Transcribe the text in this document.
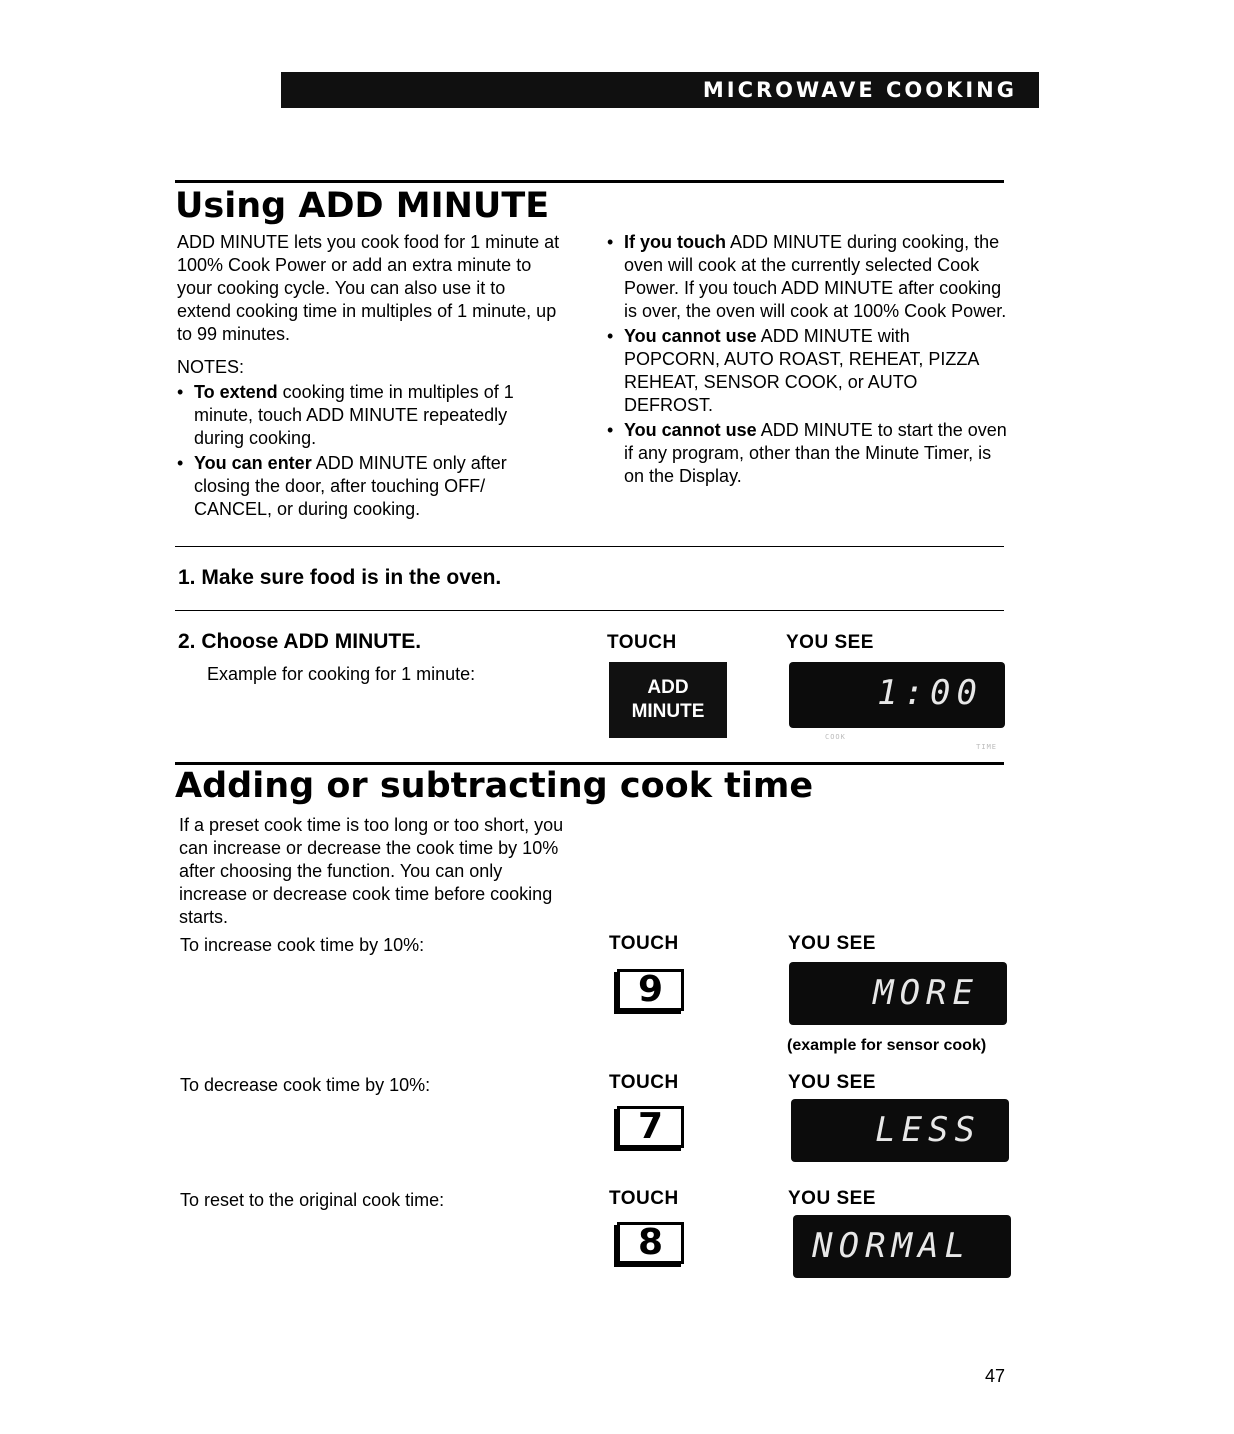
MICROWAVE COOKING
Using ADD MINUTE

ADD MINUTE lets you cook food for 1 minute at 100% Cook Power or add an extra minute to your cooking cycle. You can also use it to extend cooking time in multiples of 1 minute, up to 99 minutes.

NOTES:

• To extend cooking time in multiples of 1 minute, touch ADD MINUTE repeatedly during cooking.
• You can enter ADD MINUTE only after closing the door, after touching OFF/ CANCEL, or during cooking.
• If you touch ADD MINUTE during cooking, the oven will cook at the currently selected Cook Power. If you touch ADD MINUTE after cooking is over, the oven will cook at 100% Cook Power.
• You cannot use ADD MINUTE with POPCORN, AUTO ROAST, REHEAT, PIZZA REHEAT, SENSOR COOK, or AUTO DEFROST.
• You cannot use ADD MINUTE to start the oven if any program, other than the Minute Timer, is on the Display.
1. Make sure food is in the oven.
2. Choose ADD MINUTE.
Example for cooking for 1 minute:
TOUCH	YOU SEE
ADD
MINUTE	1:00
COOK
TIME
Adding or subtracting cook time
If a preset cook time is too long or too short, you can increase or decrease the cook time by 10% after choosing the function. You can only increase or decrease cook time before cooking starts.
To increase cook time by 10%:	TOUCH	YOU SEE
9	MORE
(example for sensor cook)
To decrease cook time by 10%:	TOUCH	YOU SEE
7	LESS
To reset to the original cook time:	TOUCH	YOU SEE
8	NORMAL
47
